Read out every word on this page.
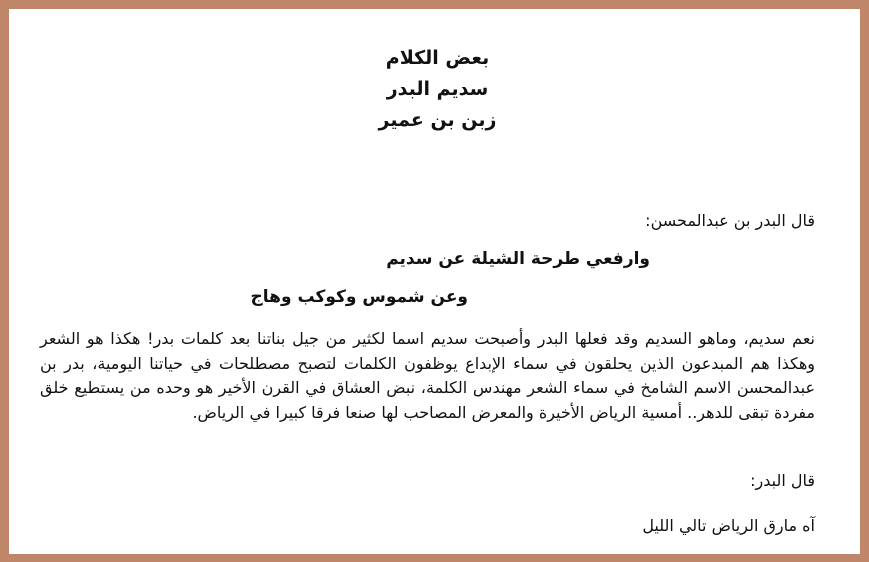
بعض الكلام
سديم البدر
زبن بن عمير
قال البدر بن عبدالمحسن:
وارفعي طرحة الشيلة عن سديم
وعن شموس وكوكب وهاج
نعم سديم، وماهو السديم وقد فعلها البدر وأصبحت سديم اسما لكثير من جيل بناتنا بعد كلمات بدر! هكذا هو الشعر وهكذا هم المبدعون الذين يحلقون في سماء الإبداع يوظفون الكلمات لتصبح مصطلحات في حياتنا اليومية، بدر بن عبدالمحسن الاسم الشامخ في سماء الشعر مهندس الكلمة، نبض العشاق في القرن الأخير هو وحده من يستطيع خلق مفردة تبقى للدهر.. أمسية الرياض الأخيرة والمعرض المصاحب لها صنعا فرقا كبيرا في الرياض.
قال البدر:
آه مارق الرياض تالي الليل
